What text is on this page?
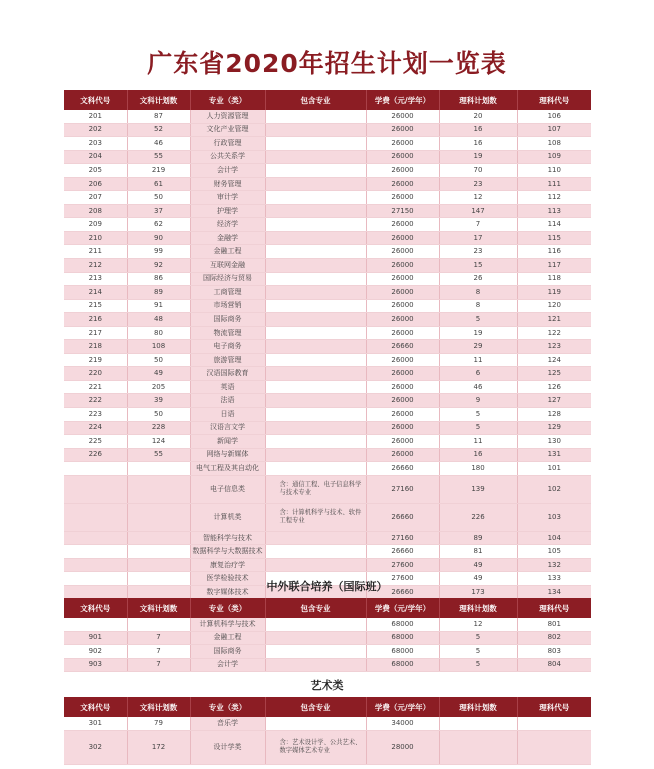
广东省2020年招生计划一览表
文科代号	文科计划数	专业（类）	包含专业	学费（元/学年）	理科计划数	理科代号
201	87	人力资源管理		26000	20	106
202	52	文化产业管理		26000	16	107
203	46	行政管理		26000	16	108
204	55	公共关系学		26000	19	109
205	219	会计学		26000	70	110
206	61	财务管理		26000	23	111
207	50	审计学		26000	12	112
208	37	护理学		27150	147	113
209	62	经济学		26000	7	114
210	90	金融学		26000	17	115
211	99	金融工程		26000	23	116
212	92	互联网金融		26000	15	117
213	86	国际经济与贸易		26000	26	118
214	89	工商管理		26000	8	119
215	91	市场营销		26000	8	120
216	48	国际商务		26000	5	121
217	80	物流管理		26000	19	122
218	108	电子商务		26660	29	123
219	50	旅游管理		26000	11	124
220	49	汉语国际教育		26000	6	125
221	205	英语		26000	46	126
222	39	法语		26000	9	127
223	50	日语		26000	5	128
224	228	汉语言文学		26000	5	129
225	124	新闻学		26000	11	130
226	55	网络与新媒体		26000	16	131
		电气工程及其自动化		26660	180	101
		电子信息类	含：通信工程、电子信息科学与技术专业	27160	139	102
		计算机类	含：计算机科学与技术、软件工程专业	26660	226	103
		智能科学与技术		27160	89	104
		数据科学与大数据技术		26660	81	105
		康复治疗学		27600	49	132
		医学检验技术		27600	49	133
		数字媒体技术		26660	173	134
中外联合培养（国际班）
文科代号	文科计划数	专业（类）	包含专业	学费（元/学年）	理科计划数	理科代号
		计算机科学与技术		68000	12	801
901	7	金融工程		68000	5	802
902	7	国际商务		68000	5	803
903	7	会计学		68000	5	804
艺术类
文科代号	文科计划数	专业（类）	包含专业	学费（元/学年）	理科计划数	理科代号
301	79	音乐学		34000		
302	172	设计学类	含：艺术设计学、公共艺术、数字媒体艺术专业	28000		
